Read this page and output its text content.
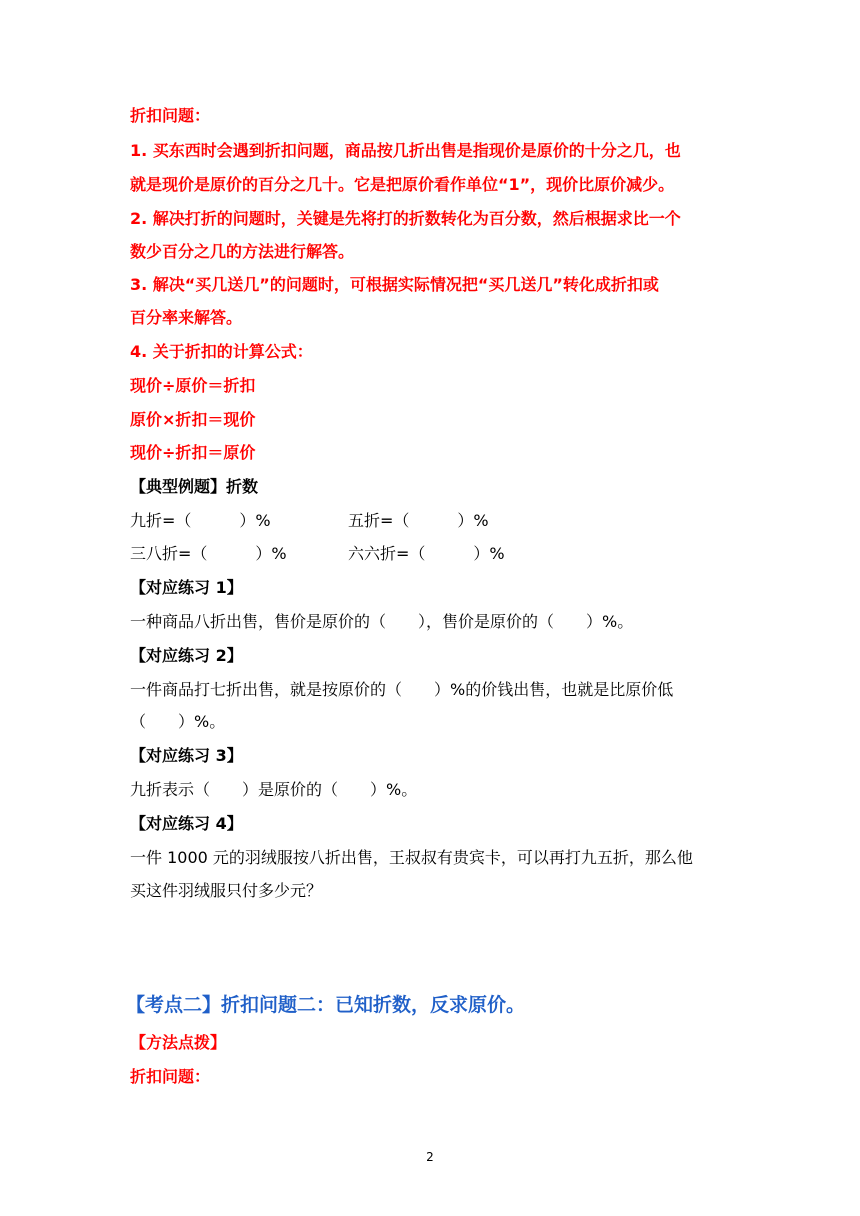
折扣问题：
1. 买东西时会遇到折扣问题，商品按几折出售是指现价是原价的十分之几，也
就是现价是原价的百分之几十。它是把原价看作单位“1”，现价比原价减少。
2. 解决打折的问题时，关键是先将打的折数转化为百分数，然后根据求比一个
数少百分之几的方法进行解答。
3. 解决“买几送几”的问题时，可根据实际情况把“买几送几”转化成折扣或
百分率来解答。
4. 关于折扣的计算公式：
现价÷原价＝折扣
原价×折扣＝现价
现价÷折扣＝原价
【典型例题】折数
九折=（　　　）%	五折=（　　　）%
三八折=（　　　）%	六六折=（　　　）%
【对应练习 1】
一种商品八折出售，售价是原价的（　　），售价是原价的（　　）%。
【对应练习 2】
一件商品打七折出售，就是按原价的（　　）%的价钱出售，也就是比原价低
（　　）%。
【对应练习 3】
九折表示（　　）是原价的（　　）%。
【对应练习 4】
一件 1000 元的羽绒服按八折出售，王叔叔有贵宾卡，可以再打九五折，那么他
买这件羽绒服只付多少元？
【考点二】折扣问题二：已知折数，反求原价。
【方法点拨】
折扣问题：
2
